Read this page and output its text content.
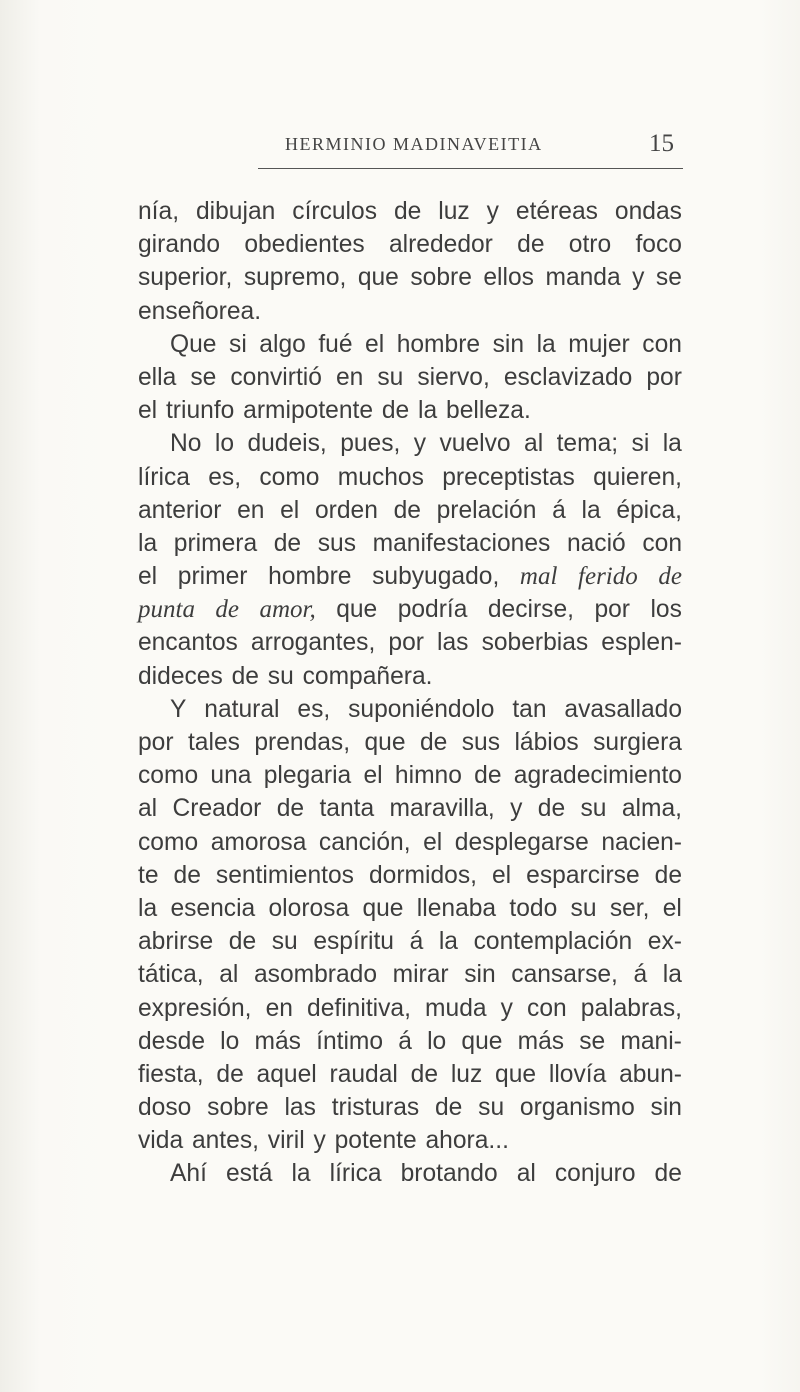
HERMINIO MADINAVEITIA	15
nía, dibujan círculos de luz y etéreas ondas
girando obedientes alrededor de otro foco
superior, supremo, que sobre ellos manda y se
enseñorea.
Que si algo fué el hombre sin la mujer con
ella se convirtió en su siervo, esclavizado por
el triunfo armipotente de la belleza.
No lo dudeis, pues, y vuelvo al tema; si la
lírica es, como muchos preceptistas quieren,
anterior en el orden de prelación á la épica,
la primera de sus manifestaciones nació con
el primer hombre subyugado, mal ferido de
punta de amor, que podría decirse, por los
encantos arrogantes, por las soberbias esplen-
dideces de su compañera.
Y natural es, suponiéndolo tan avasallado
por tales prendas, que de sus lábios surgiera
como una plegaria el himno de agradecimiento
al Creador de tanta maravilla, y de su alma,
como amorosa canción, el desplegarse nacien-
te de sentimientos dormidos, el esparcirse de
la esencia olorosa que llenaba todo su ser, el
abrirse de su espíritu á la contemplación ex-
tática, al asombrado mirar sin cansarse, á la
expresión, en definitiva, muda y con palabras,
desde lo más íntimo á lo que más se mani-
fiesta, de aquel raudal de luz que llovía abun-
doso sobre las tristuras de su organismo sin
vida antes, viril y potente ahora...
Ahí está la lírica brotando al conjuro de
